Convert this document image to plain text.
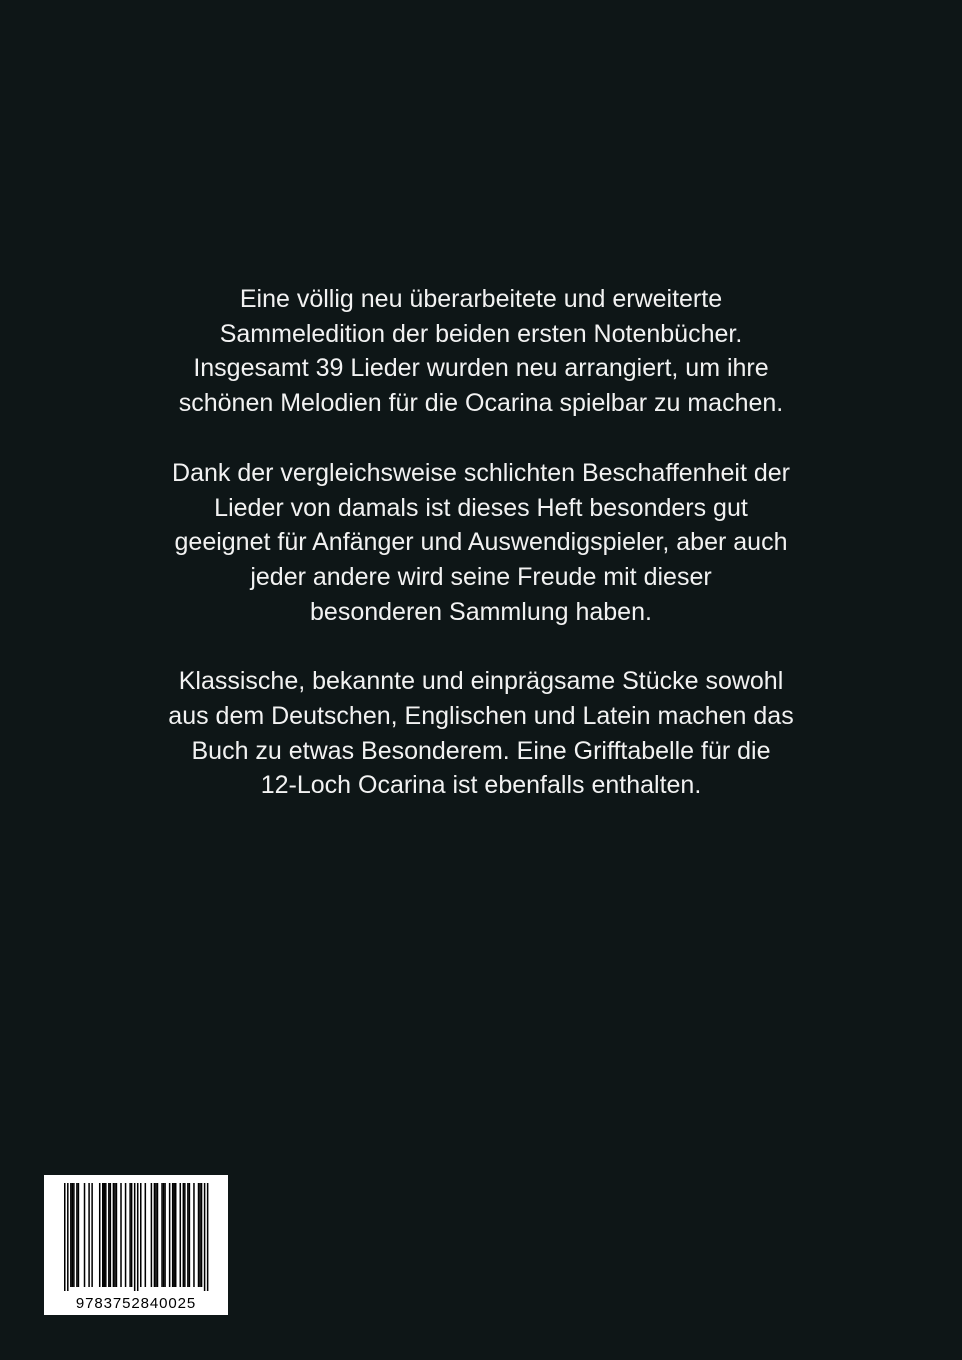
Eine völlig neu überarbeitete und erweiterte
Sammeledition der beiden ersten Notenbücher.
Insgesamt 39 Lieder wurden neu arrangiert, um ihre
schönen Melodien für die Ocarina spielbar zu machen.

Dank der vergleichsweise schlichten Beschaffenheit der
Lieder von damals ist dieses Heft besonders gut
geeignet für Anfänger und Auswendigspieler, aber auch
jeder andere wird seine Freude mit dieser
besonderen Sammlung haben.

Klassische, bekannte und einprägsame Stücke sowohl
aus dem Deutschen, Englischen und Latein machen das
Buch zu etwas Besonderem. Eine Grifftabelle für die
12-Loch Ocarina ist ebenfalls enthalten.

9783752840025
